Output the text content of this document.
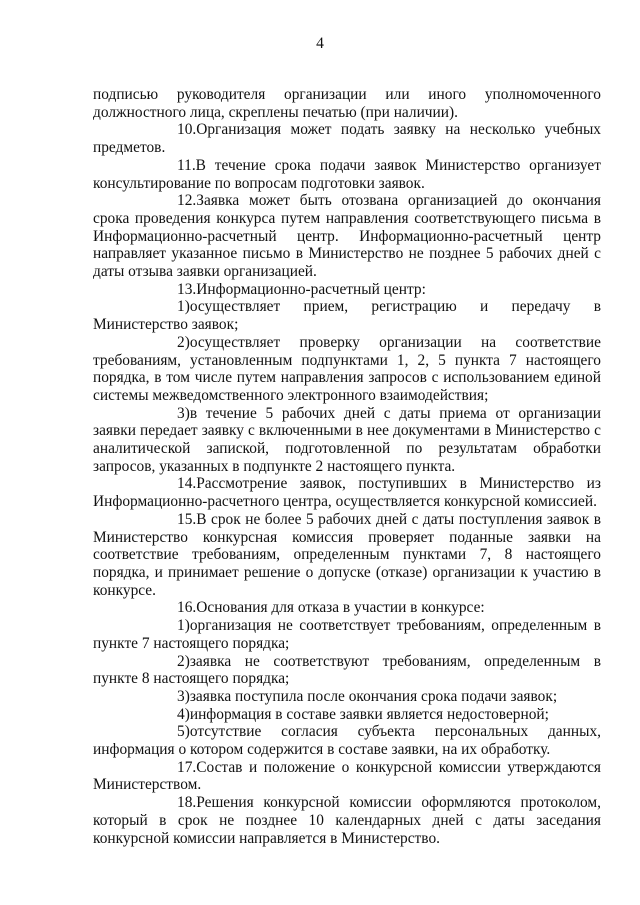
4

подписью руководителя организации или иного уполномоченного должностного лица, скреплены печатью (при наличии).

10.Организация может подать заявку на несколько учебных предметов.

11.В течение срока подачи заявок Министерство организует консультирование по вопросам подготовки заявок.

12.Заявка может быть отозвана организацией до окончания срока проведения конкурса путем направления соответствующего письма в Информационно-расчетный центр. Информационно-расчетный центр направляет указанное письмо в Министерство не позднее 5 рабочих дней с даты отзыва заявки организацией.

13.Информационно-расчетный центр:

1)осуществляет прием, регистрацию и передачу в Министерство заявок;

2)осуществляет проверку организации на соответствие требованиям, установленным подпунктами 1, 2, 5 пункта 7 настоящего порядка, в том числе путем направления запросов с использованием единой системы межведомственного электронного взаимодействия;

3)в течение 5 рабочих дней с даты приема от организации заявки передает заявку с включенными в нее документами в Министерство с аналитической запиской, подготовленной по результатам обработки запросов, указанных в подпункте 2 настоящего пункта.

14.Рассмотрение заявок, поступивших в Министерство из Информационно-расчетного центра, осуществляется конкурсной комиссией.

15.В срок не более 5 рабочих дней с даты поступления заявок в Министерство конкурсная комиссия проверяет поданные заявки на соответствие требованиям, определенным пунктами 7, 8 настоящего порядка, и принимает решение о допуске (отказе) организации к участию в конкурсе.

16.Основания для отказа в участии в конкурсе:

1)организация не соответствует требованиям, определенным в пункте 7 настоящего порядка;

2)заявка не соответствуют требованиям, определенным в пункте 8 настоящего порядка;

3)заявка поступила после окончания срока подачи заявок;

4)информация в составе заявки является недостоверной;

5)отсутствие согласия субъекта персональных данных, информация о котором содержится в составе заявки, на их обработку.

17.Состав и положение о конкурсной комиссии утверждаются Министерством.

18.Решения конкурсной комиссии оформляются протоколом, который в срок не позднее 10 календарных дней с даты заседания конкурсной комиссии направляется в Министерство.
